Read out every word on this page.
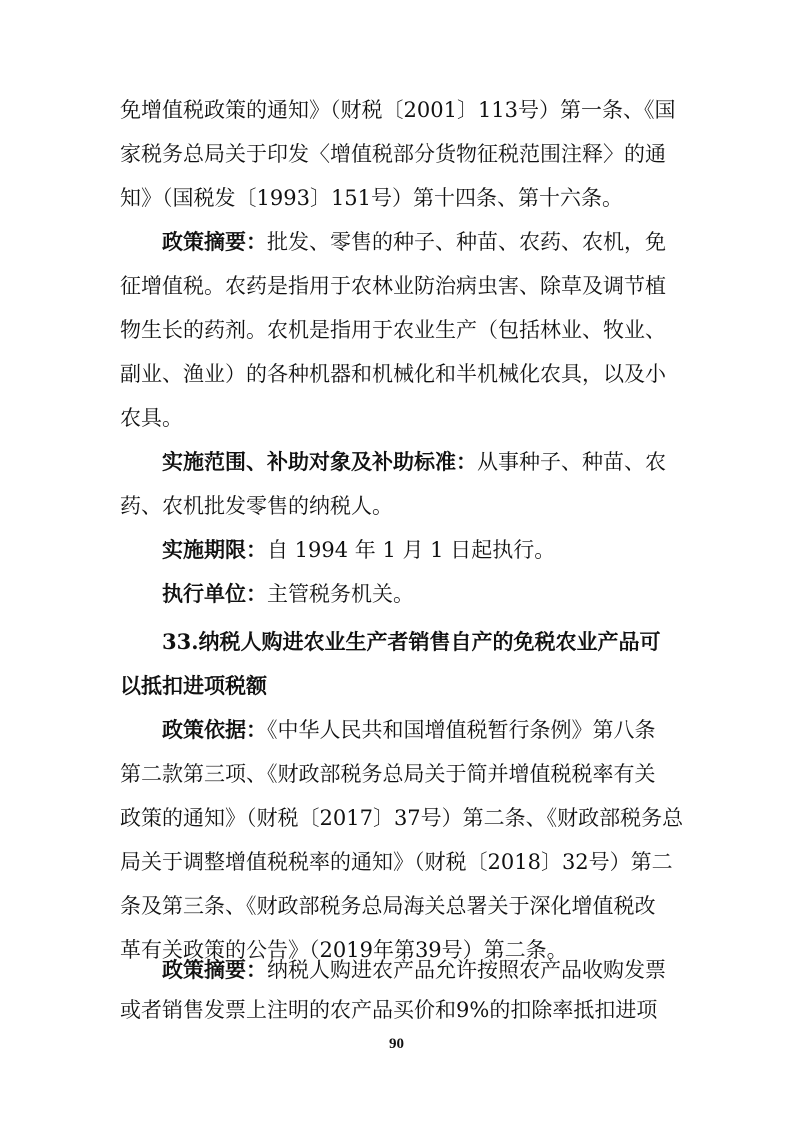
免增值税政策的通知》（财税〔2001〕113号）第一条、《国
家税务总局关于印发〈增值税部分货物征税范围注释〉的通
知》（国税发〔1993〕151号）第十四条、第十六条。
政策摘要：批发、零售的种子、种苗、农药、农机，免
征增值税。农药是指用于农林业防治病虫害、除草及调节植
物生长的药剂。农机是指用于农业生产（包括林业、牧业、
副业、渔业）的各种机器和机械化和半机械化农具，以及小
农具。
实施范围、补助对象及补助标准：从事种子、种苗、农
药、农机批发零售的纳税人。
实施期限：自 1994 年 1 月 1 日起执行。
执行单位：主管税务机关。
33.纳税人购进农业生产者销售自产的免税农业产品可
以抵扣进项税额
政策依据：《中华人民共和国增值税暂行条例》第八条
第二款第三项、《财政部税务总局关于简并增值税税率有关
政策的通知》（财税〔2017〕37号）第二条、《财政部税务总
局关于调整增值税税率的通知》（财税〔2018〕32号）第二
条及第三条、《财政部税务总局海关总署关于深化增值税改
革有关政策的公告》（2019年第39号）第二条。
90
政策摘要：纳税人购进农产品允许按照农产品收购发票
或者销售发票上注明的农产品买价和9%的扣除率抵扣进项
